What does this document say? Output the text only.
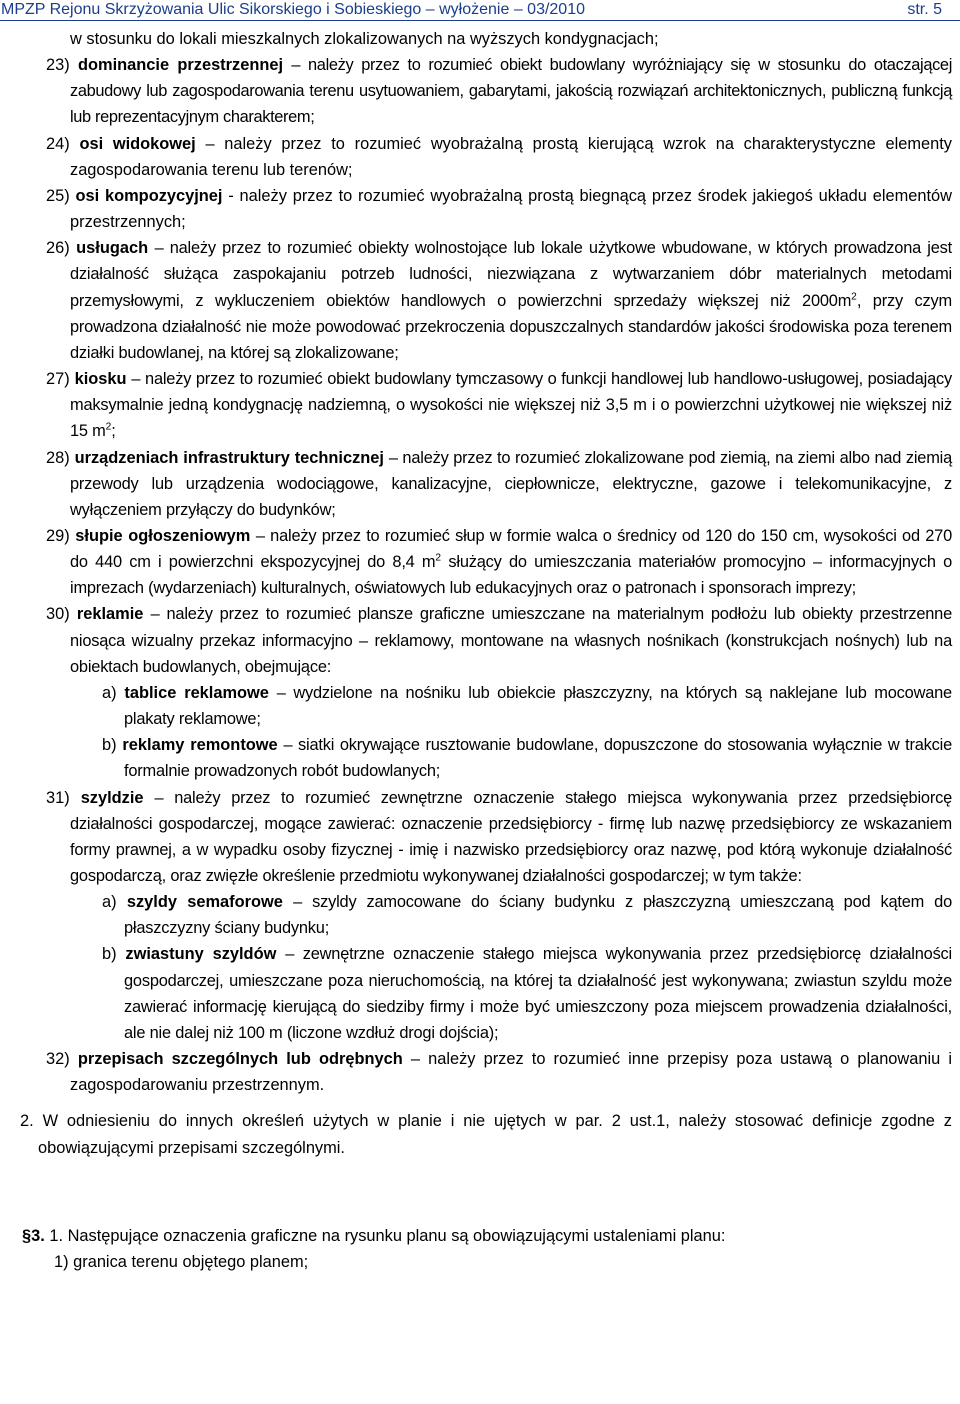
MPZP Rejonu Skrzyżowania Ulic Sikorskiego i Sobieskiego – wyłożenie – 03/2010	str. 5

w stosunku do lokali mieszkalnych zlokalizowanych na wyższych kondygnacjach;

23) dominancie przestrzennej – należy przez to rozumieć obiekt budowlany wyróżniający się w stosunku do otaczającej zabudowy lub zagospodarowania terenu usytuowaniem, gabarytami, jakością rozwiązań architektonicznych, publiczną funkcją lub reprezentacyjnym charakterem;

24) osi widokowej – należy przez to rozumieć wyobrażalną prostą kierującą wzrok na charakterystyczne elementy zagospodarowania terenu lub terenów;

25) osi kompozycyjnej - należy przez to rozumieć wyobrażalną prostą biegnącą przez środek jakiegoś układu elementów przestrzennych;

26) usługach – należy przez to rozumieć obiekty wolnostojące lub lokale użytkowe wbudowane, w których prowadzona jest działalność służąca zaspokajaniu potrzeb ludności, niezwiązana z wytwarzaniem dóbr materialnych metodami przemysłowymi, z wykluczeniem obiektów handlowych o powierzchni sprzedaży większej niż $2000m^2$, przy czym prowadzona działalność nie może powodować przekroczenia dopuszczalnych standardów jakości środowiska poza terenem działki budowlanej, na której są zlokalizowane;

27) kiosku – należy przez to rozumieć obiekt budowlany tymczasowy o funkcji handlowej lub handlowo-usługowej, posiadający maksymalnie jedną kondygnację nadziemną, o wysokości nie większej niż 3,5 m i o powierzchni użytkowej nie większej niż 15 $m^2$;

28) urządzeniach infrastruktury technicznej – należy przez to rozumieć zlokalizowane pod ziemią, na ziemi albo nad ziemią przewody lub urządzenia wodociągowe, kanalizacyjne, ciepłownicze, elektryczne, gazowe i telekomunikacyjne, z wyłączeniem przyłączy do budynków;

29) słupie ogłoszeniowym – należy przez to rozumieć słup w formie walca o średnicy od 120 do 150 cm, wysokości od 270 do 440 cm i powierzchni ekspozycyjnej do 8,4 $m^2$ służący do umieszczania materiałów promocyjno – informacyjnych o imprezach (wydarzeniach) kulturalnych, oświatowych lub edukacyjnych oraz o patronach i sponsorach imprezy;

30) reklamie – należy przez to rozumieć plansze graficzne umieszczane na materialnym podłożu lub obiekty przestrzenne niosąca wizualny przekaz informacyjno – reklamowy, montowane na własnych nośnikach (konstrukcjach nośnych) lub na obiektach budowlanych, obejmujące:

a) tablice reklamowe – wydzielone na nośniku lub obiekcie płaszczyzny, na których są naklejane lub mocowane plakaty reklamowe;

b) reklamy remontowe – siatki okrywające rusztowanie budowlane, dopuszczone do stosowania wyłącznie w trakcie formalnie prowadzonych robót budowlanych;

31) szyldzie – należy przez to rozumieć zewnętrzne oznaczenie stałego miejsca wykonywania przez przedsiębiorcę działalności gospodarczej, mogące zawierać: oznaczenie przedsiębiorcy - firmę lub nazwę przedsiębiorcy ze wskazaniem formy prawnej, a w wypadku osoby fizycznej - imię i nazwisko przedsiębiorcy oraz nazwę, pod którą wykonuje działalność gospodarczą, oraz zwięzłe określenie przedmiotu wykonywanej działalności gospodarczej; w tym także:

a) szyldy semaforowe – szyldy zamocowane do ściany budynku z płaszczyzną umieszczaną pod kątem do płaszczyzny ściany budynku;

b) zwiastuny szyldów – zewnętrzne oznaczenie stałego miejsca wykonywania przez przedsiębiorcę działalności gospodarczej, umieszczane poza nieruchomością, na której ta działalność jest wykonywana; zwiastun szyldu może zawierać informację kierującą do siedziby firmy i może być umieszczony poza miejscem prowadzenia działalności, ale nie dalej niż 100 m (liczone wzdłuż drogi dojścia);

32) przepisach szczególnych lub odrębnych – należy przez to rozumieć inne przepisy poza ustawą o planowaniu i zagospodarowaniu przestrzennym.

2. W odniesieniu do innych określeń użytych w planie i nie ujętych w par. 2 ust.1, należy stosować definicje zgodne z obowiązującymi przepisami szczególnymi.

§3. 1. Następujące oznaczenia graficzne na rysunku planu są obowiązującymi ustaleniami planu:

1) granica terenu objętego planem;
